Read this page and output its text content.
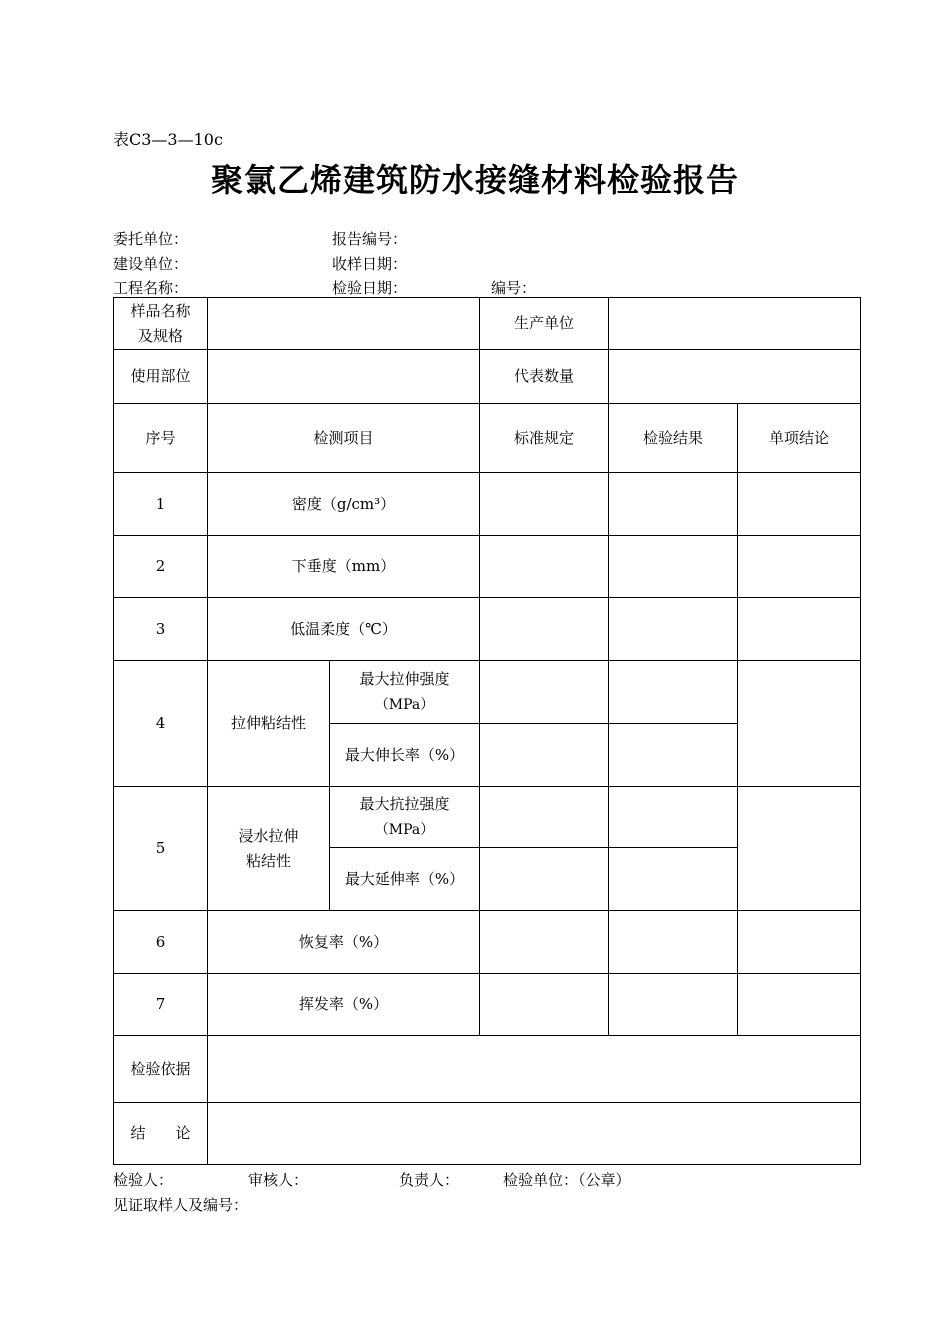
表C3—3—10c
聚氯乙烯建筑防水接缝材料检验报告
委托单位：	报告编号：
建设单位：	收样日期：
工程名称：	检验日期：	编号：
样品名称
及规格			生产单位		
使用部位			代表数量		
序号	检测项目		标准规定	检验结果	单项结论
1	密度（g/cm³）				
2	下垂度（mm）				
3	低温柔度（℃）				
4	拉伸粘结性	最大拉伸强度
（MPa）			
		最大伸长率（%）			
5	浸水拉伸
粘结性	最大抗拉强度
（MPa）			
		最大延伸率（%）			
6	恢复率（%）				
7	挥发率（%）				
检验依据					
结　　论					
检验人：	审核人：	负责人：	检验单位：（公章）
见证取样人及编号：
